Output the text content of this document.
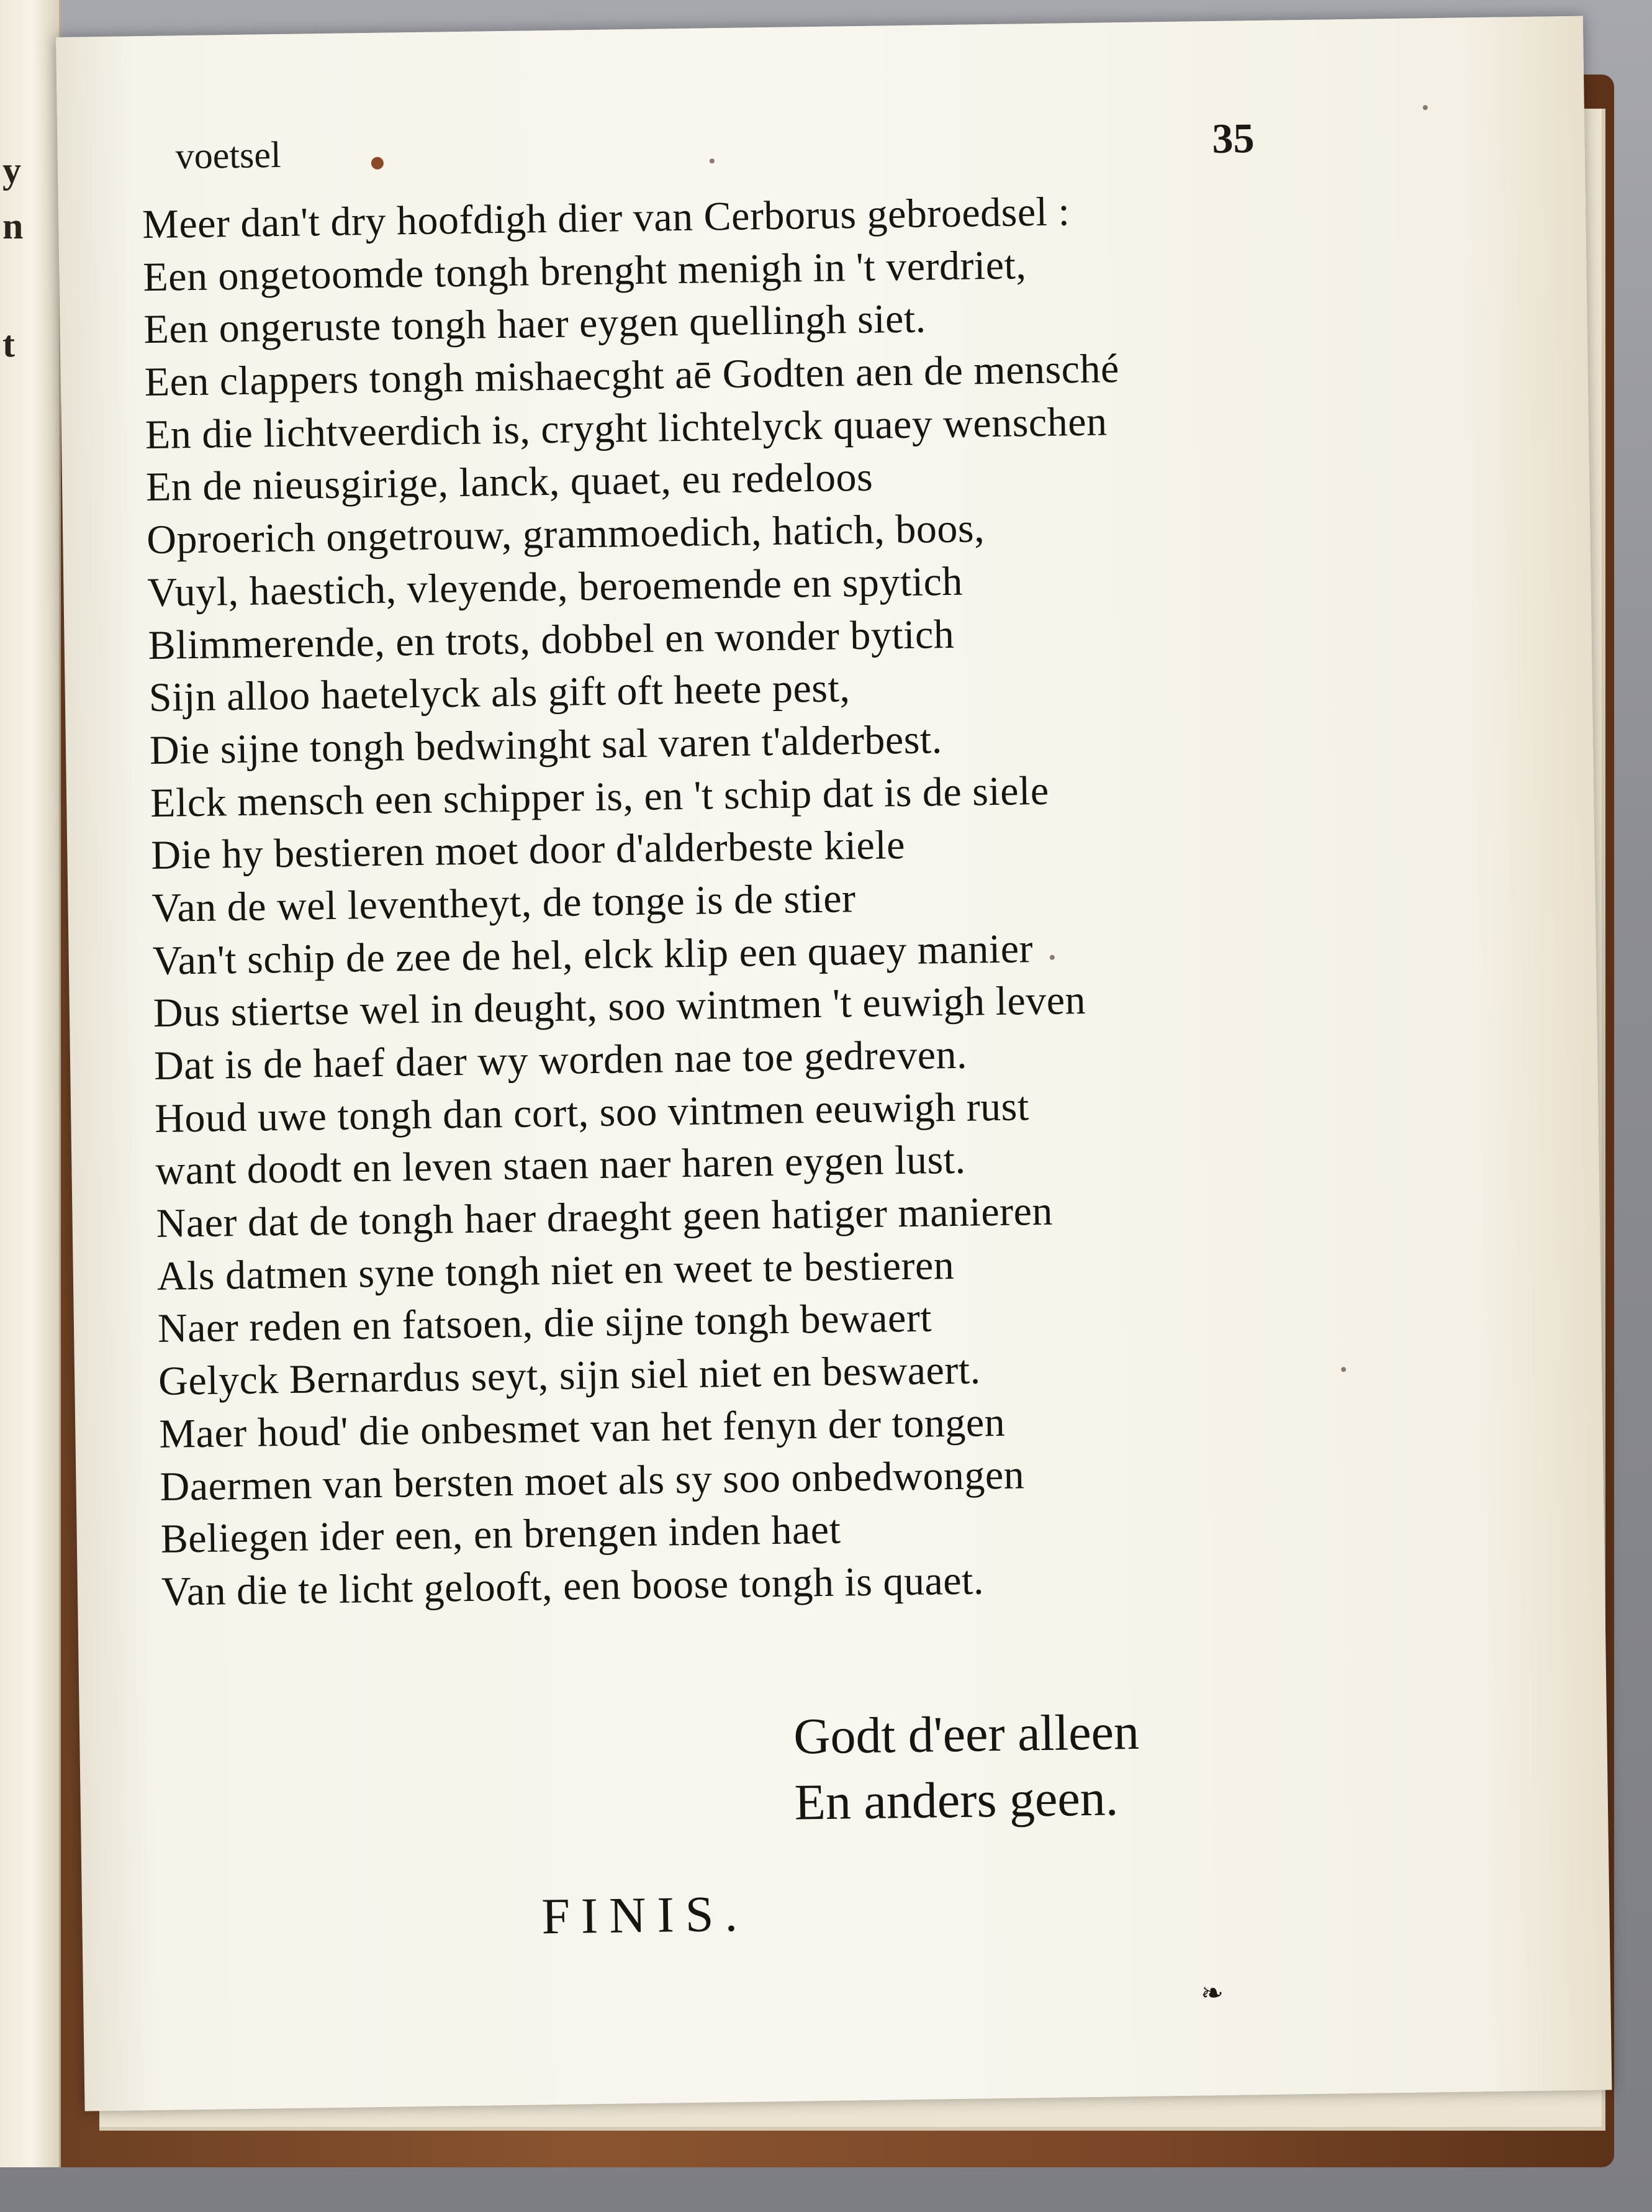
y
n
t
voetsel	35
Meer dan't dry hoofdigh dier van Cerborus gebroedsel :
Een ongetoomde tongh brenght menigh in 't verdriet,
Een ongeruste tongh haer eygen quellingh siet.
Een clappers tongh mishaecght aē Godten aen de mensché
En die lichtveerdich is, cryght lichtelyck quaey wenschen
En de nieusgirige, lanck, quaet, eu redeloos
Oproerich ongetrouw, grammoedich, hatich, boos,
Vuyl, haestich, vleyende, beroemende en spytich
Blimmerende, en trots, dobbel en wonder bytich
Sijn alloo haetelyck als gift oft heete pest,
Die sijne tongh bedwinght sal varen t'alderbest.
Elck mensch een schipper is, en 't schip dat is de siele
Die hy bestieren moet door d'alderbeste kiele
Van de wel leventheyt, de tonge is de stier
Van't schip de zee de hel, elck klip een quaey manier
Dus stiertse wel in deught, soo wintmen 't euwigh leven
Dat is de haef daer wy worden nae toe gedreven.
Houd uwe tongh dan cort, soo vintmen eeuwigh rust
want doodt en leven staen naer haren eygen lust.
Naer dat de tongh haer draeght geen hatiger manieren
Als datmen syne tongh niet en weet te bestieren
Naer reden en fatsoen, die sijne tongh bewaert
Gelyck Bernardus seyt, sijn siel niet en beswaert.
Maer houd' die onbesmet van het fenyn der tongen
Daermen van bersten moet als sy soo onbedwongen
Beliegen ider een, en brengen inden haet
Van die te licht gelooft, een boose tongh is quaet.
Godt d'eer alleen
En anders geen.
FINIS.
❧
